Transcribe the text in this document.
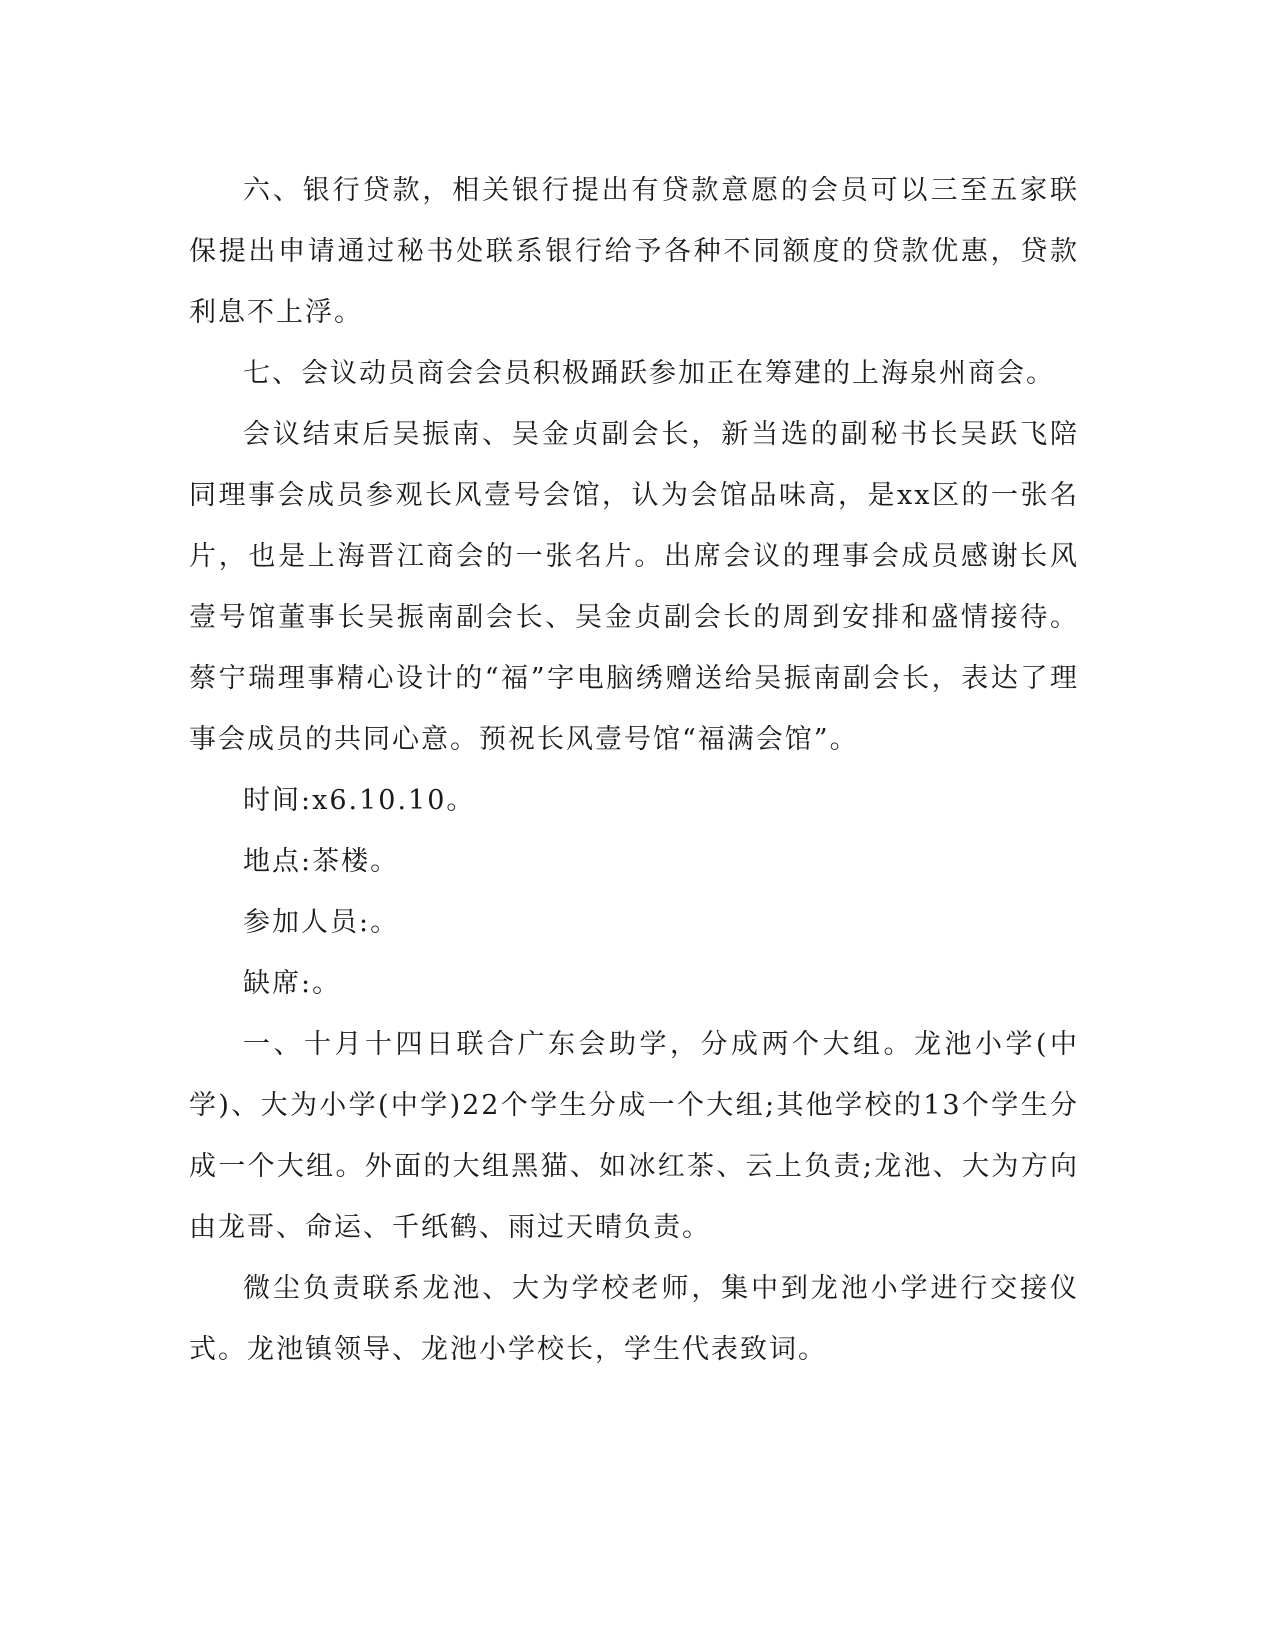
六、银行贷款，相关银行提出有贷款意愿的会员可以三至五家联保提出申请通过秘书处联系银行给予各种不同额度的贷款优惠，贷款利息不上浮。

七、会议动员商会会员积极踊跃参加正在筹建的上海泉州商会。

会议结束后吴振南、吴金贞副会长，新当选的副秘书长吴跃飞陪同理事会成员参观长风壹号会馆，认为会馆品味高，是xx区的一张名片，也是上海晋江商会的一张名片。出席会议的理事会成员感谢长风壹号馆董事长吴振南副会长、吴金贞副会长的周到安排和盛情接待。蔡宁瑞理事精心设计的“福”字电脑绣赠送给吴振南副会长，表达了理事会成员的共同心意。预祝长风壹号馆“福满会馆”。

时间:x6.10.10。

地点:茶楼。

参加人员:。

缺席:。

一、十月十四日联合广东会助学，分成两个大组。龙池小学(中学)、大为小学(中学)22个学生分成一个大组;其他学校的13个学生分成一个大组。外面的大组黑猫、如冰红茶、云上负责;龙池、大为方向由龙哥、命运、千纸鹤、雨过天晴负责。

微尘负责联系龙池、大为学校老师，集中到龙池小学进行交接仪式。龙池镇领导、龙池小学校长，学生代表致词。
